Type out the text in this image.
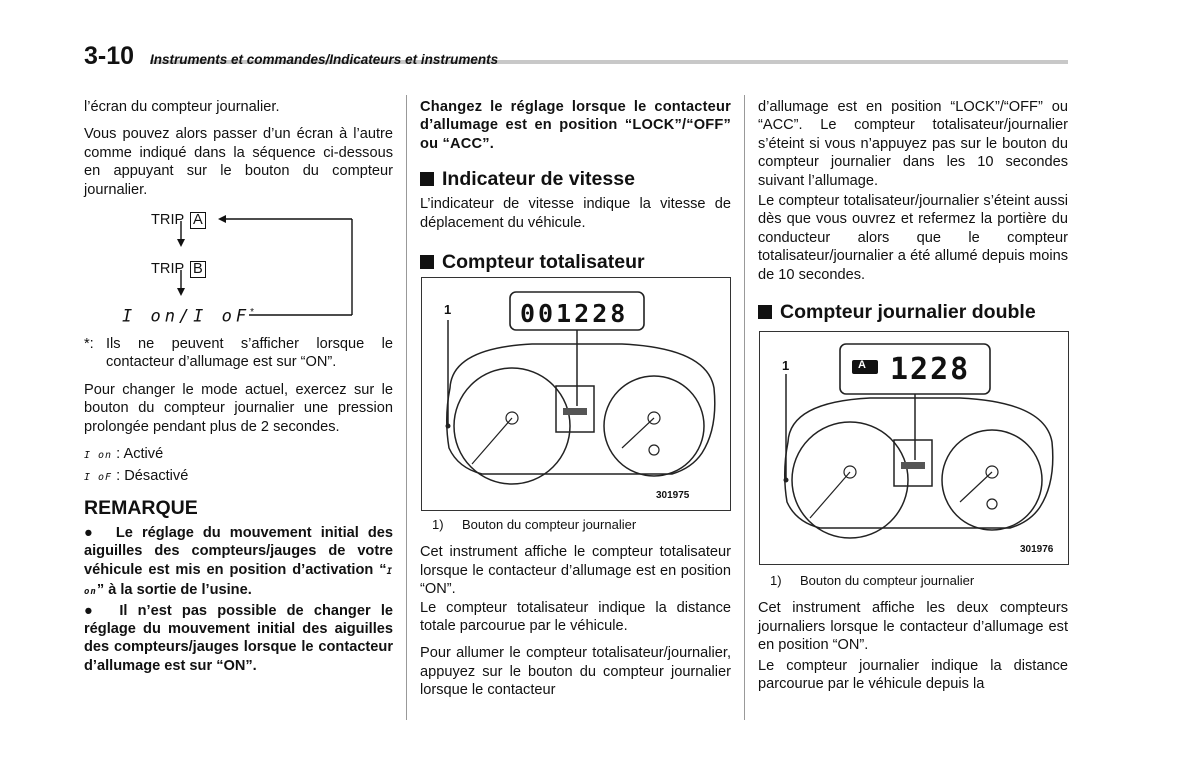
3-10 Instruments et commandes/Indicateurs et instruments

l’écran du compteur journalier.

Vous pouvez alors passer d’un écran à l’autre comme indiqué dans la séquence ci-dessous en appuyant sur le bouton du compteur journalier.

TRIP A
TRIP B
I on/I oF*
*: Ils ne peuvent s’afficher lorsque le contacteur d’allumage est sur “ON”.

Pour changer le mode actuel, exercez sur le bouton du compteur journalier une pression prolongée pendant plus de 2 secondes.

I on : Activé

I oF : Désactivé

REMARQUE

●  Le réglage du mouvement initial des aiguilles des compteurs/jauges de votre véhicule est mis en position d’activation “I on” à la sortie de l’usine.

●  Il n’est pas possible de changer le réglage du mouvement initial des aiguilles des compteurs/jauges lorsque le contacteur d’allumage est sur “ON”.

Changez le réglage lorsque le contacteur d’allumage est en position “LOCK”/“OFF” ou “ACC”.

Indicateur de vitesse

L’indicateur de vitesse indique la vitesse de déplacement du véhicule.

Compteur totalisateur

001228
1
301975

1) Bouton du compteur journalier

Cet instrument affiche le compteur totalisateur lorsque le contacteur d’allumage est en position “ON”.

Le compteur totalisateur indique la distance totale parcourue par le véhicule.

Pour allumer le compteur totalisateur/journalier, appuyez sur le bouton du compteur journalier lorsque le contacteur

d’allumage est en position “LOCK”/“OFF” ou “ACC”. Le compteur totalisateur/journalier s’éteint si vous n’appuyez pas sur le bouton du compteur journalier dans les 10 secondes suivant l’allumage.

Le compteur totalisateur/journalier s’éteint aussi dès que vous ouvrez et refermez la portière du conducteur alors que le compteur totalisateur/journalier a été allumé depuis moins de 10 secondes.

Compteur journalier double

A 1228
1
301976

1) Bouton du compteur journalier

Cet instrument affiche les deux compteurs journaliers lorsque le contacteur d’allumage est en position “ON”.

Le compteur journalier indique la distance parcourue par le véhicule depuis la
